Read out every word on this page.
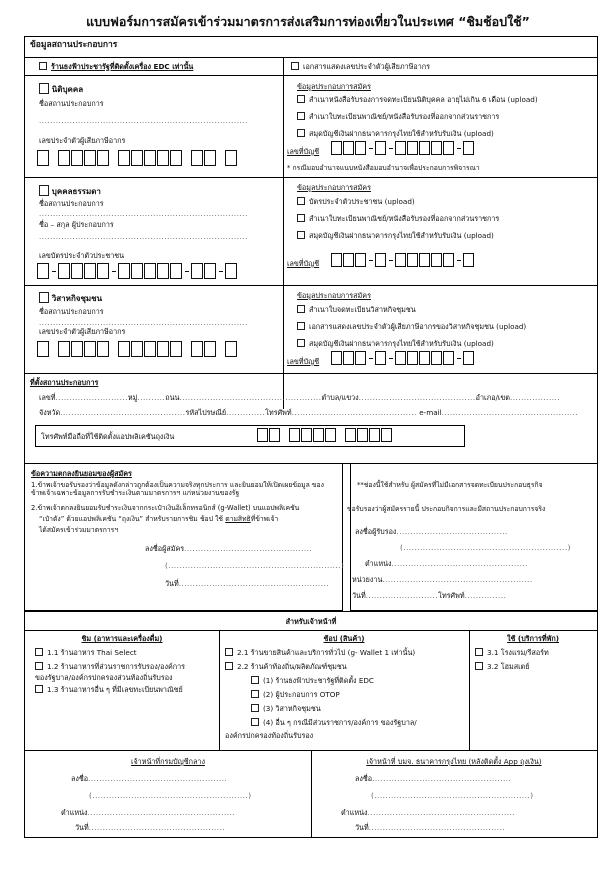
แบบฟอร์มการสมัครเข้าร่วมมาตรการส่งเสริมการท่องเที่ยวในประเทศ “ชิมช้อปใช้”
ข้อมูลสถานประกอบการ
ร้านธงฟ้าประชารัฐที่ติดตั้งเครื่อง EDC เท่านั้น	เอกสารแสดงเลขประจำตัวผู้เสียภาษีอากร
นิติบุคคล
ชื่อสถานประกอบการ
...........................................................................
เลขประจำตัวผู้เสียภาษีอากร
ข้อมูลประกอบการสมัคร
สำเนาหนังสือรับรองการจดทะเบียนนิติบุคคล อายุไม่เกิน 6 เดือน (upload)
สำเนาใบทะเบียนพาณิชย์/หนังสือรับรองที่ออกจากส่วนราชการ
สมุดบัญชีเงินฝากธนาคารกรุงไทยใช้สำหรับรับเงิน (upload)
เลขที่บัญชี
* กรณีมอบอำนาจแนบหนังสือมอบอำนาจเพื่อประกอบการพิจารณา
บุคคลธรรมดา
ชื่อสถานประกอบการ
...........................................................................
ชื่อ – สกุล ผู้ประกอบการ
...........................................................................
เลขบัตรประจำตัวประชาชน
ข้อมูลประกอบการสมัคร
บัตรประจำตัวประชาชน (upload)
สำเนาใบทะเบียนพาณิชย์/หนังสือรับรองที่ออกจากส่วนราชการ
สมุดบัญชีเงินฝากธนาคารกรุงไทยใช้สำหรับรับเงิน (upload)
เลขที่บัญชี
วิสาหกิจชุมชน
ชื่อสถานประกอบการ
...........................................................................
เลขประจำตัวผู้เสียภาษีอากร
ข้อมูลประกอบการสมัคร
สำเนาใบจดทะเบียนวิสาหกิจชุมชน
เอกสารแสดงเลขประจำตัวผู้เสียภาษีอากรของวิสาหกิจชุมชน (upload)
สมุดบัญชีเงินฝากธนาคารกรุงไทยใช้สำหรับรับเงิน (upload)
เลขที่บัญชี
ที่ตั้งสถานประกอบการ
เลขที่..........................หมู่..........ถนน...................................................ตำบล/แขวง..........................................อำเภอ/เขต..................
จังหวัด.............................................รหัสไปรษณีย์..............โทรศัพท์............................................. e-mail.................................................
โทรศัพท์มือถือที่ใช้ติดตั้งแอปพลิเคชันถุงเงิน
ข้อความตกลงยินยอมของผู้สมัคร
1.ข้าพเจ้าขอรับรองว่าข้อมูลดังกล่าวถูกต้องเป็นความจริงทุกประการ และยินยอมให้เปิดเผยข้อมูล ของข้าพเจ้าเฉพาะข้อมูลการรับชำระเงินตามมาตรการฯ แก่หน่วยงานของรัฐ
2.ข้าพเจ้าตกลงยินยอมรับชำระเงินจากกระเป๋าเงินอิเล็กทรอนิกส์ (g-Wallet) บนแอปพลิเคชัน
“เป๋าตัง” ด้วยแอปพลิเคชัน “ถุงเงิน” สำหรับรายการชิม ช้อป ใช้ ตามสิทธิที่ข้าพเจ้า
ได้สมัครเข้าร่วมมาตรการฯ
ลงชื่อผู้สมัคร..............................................
(..............................................................)
วันที่......................................................
**ช่องนี้ใช้สำหรับ ผู้สมัครที่ไม่มีเอกสารจดทะเบียนประกอบธุรกิจ
ขอรับรองว่าผู้สมัครรายนี้ ประกอบกิจการและมีสถานประกอบการจริง
ลงชื่อผู้รับรอง........................................
(...........................................................)
ตำแหน่ง.................................................
หน่วยงาน......................................................
วันที่..........................โทรศัพท์...............
สำหรับเจ้าหน้าที่
ชิม (อาหารและเครื่องดื่ม)
1.1 ร้านอาหาร Thai Select
1.2 ร้านอาหารที่ส่วนราชการรับรอง/องค์การ
ของรัฐบาล/องค์กรปกครองส่วนท้องถิ่นรับรอง
1.3 ร้านอาหารอื่น ๆ ที่มีเลขทะเบียนพาณิชย์
ช้อป (สินค้า)
2.1 ร้านขายสินค้าและบริการทั่วไป (g- Wallet 1 เท่านั้น)
2.2 ร้านค้าท้องถิ่น/ผลิตภัณฑ์ชุมชน
(1) ร้านธงฟ้าประชารัฐที่ติดตั้ง EDC
(2) ผู้ประกอบการ OTOP
(3) วิสาหกิจชุมชน
(4) อื่น ๆ กรณีมีส่วนราชการ/องค์การ ของรัฐบาล/
องค์กรปกครองท้องถิ่นรับรอง
ใช้ (บริการที่พัก)
3.1 โรงแรม/รีสอร์ท
3.2 โฮมสเตย์
เจ้าหน้าที่กรมบัญชีกลาง
ลงชื่อ..................................................
(........................................................)
ตำแหน่ง.....................................................
วันที่.................................................
เจ้าหน้าที่ บมจ. ธนาคารกรุงไทย (หลังติดตั้ง App ถุงเงิน)
ลงชื่อ..................................................
(........................................................)
ตำแหน่ง.....................................................
วันที่.................................................
